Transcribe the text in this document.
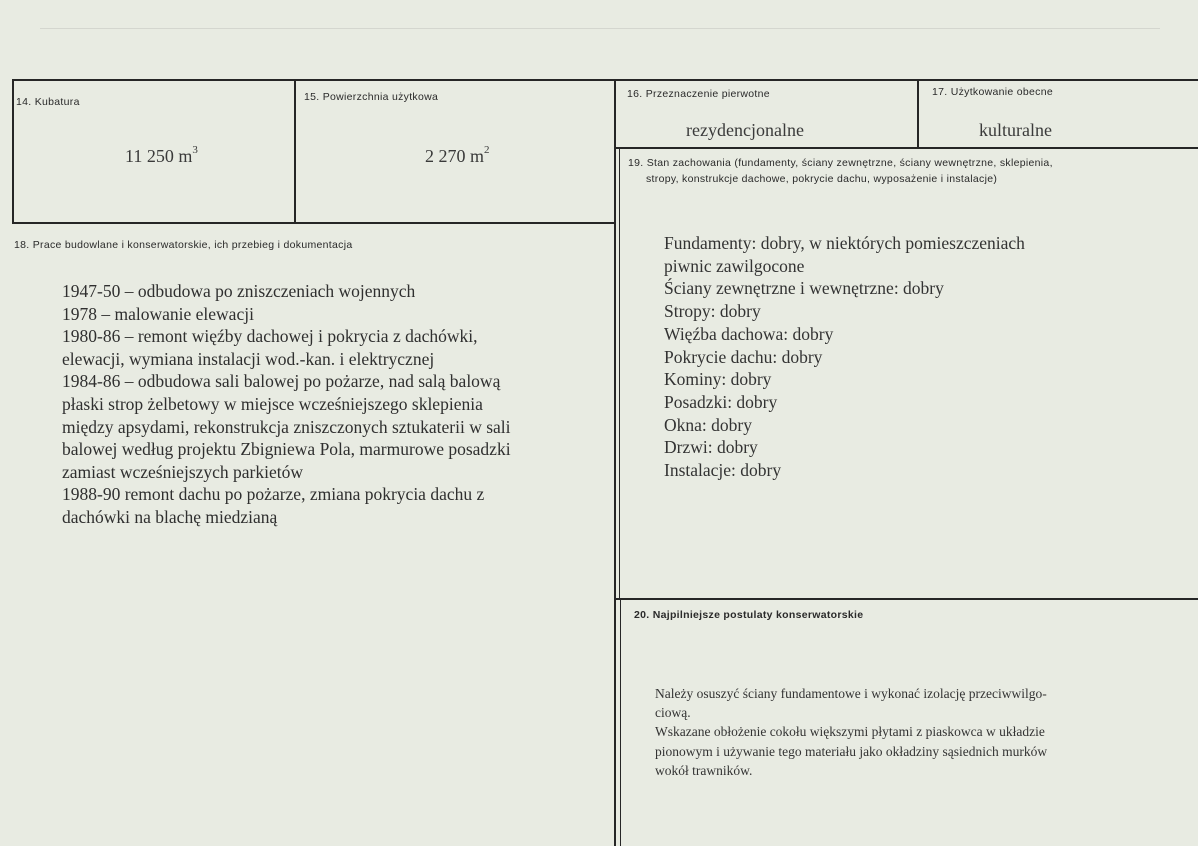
14. Kubatura
11 250 $m^3$
15. Powierzchnia użytkowa
2 270 $m^2$
16. Przeznaczenie pierwotne
rezydencjonalne
17. Użytkowanie obecne
kulturalne
18. Prace budowlane i konserwatorskie, ich przebieg i dokumentacja
1947-50 – odbudowa po zniszczeniach wojennych
1978 – malowanie elewacji
1980-86 – remont więźby dachowej i pokrycia z dachówki,
elewacji, wymiana instalacji wod.-kan. i elektrycznej
1984-86 – odbudowa sali balowej po pożarze, nad salą balową
płaski strop żelbetowy w miejsce wcześniejszego sklepienia
między apsydami, rekonstrukcja zniszczonych sztukaterii w sali
balowej według projektu Zbigniewa Pola, marmurowe posadzki
zamiast wcześniejszych parkietów
1988-90 remont dachu po pożarze, zmiana pokrycia dachu z
dachówki na blachę miedzianą
19. Stan zachowania (fundamenty, ściany zewnętrzne, ściany wewnętrzne, sklepienia,
stropy, konstrukcje dachowe, pokrycie dachu, wyposażenie i instalacje)
Fundamenty: dobry, w niektórych pomieszczeniach
piwnic zawilgocone
Ściany zewnętrzne i wewnętrzne: dobry
Stropy: dobry
Więźba dachowa: dobry
Pokrycie dachu: dobry
Kominy: dobry
Posadzki: dobry
Okna: dobry
Drzwi: dobry
Instalacje: dobry
20. Najpilniejsze postulaty konserwatorskie
Należy osuszyć ściany fundamentowe i wykonać izolację przeciwwilgo-
ciową.
Wskazane obłożenie cokołu większymi płytami z piaskowca w układzie
pionowym i używanie tego materiału jako okładziny sąsiednich murków
wokół trawników.
